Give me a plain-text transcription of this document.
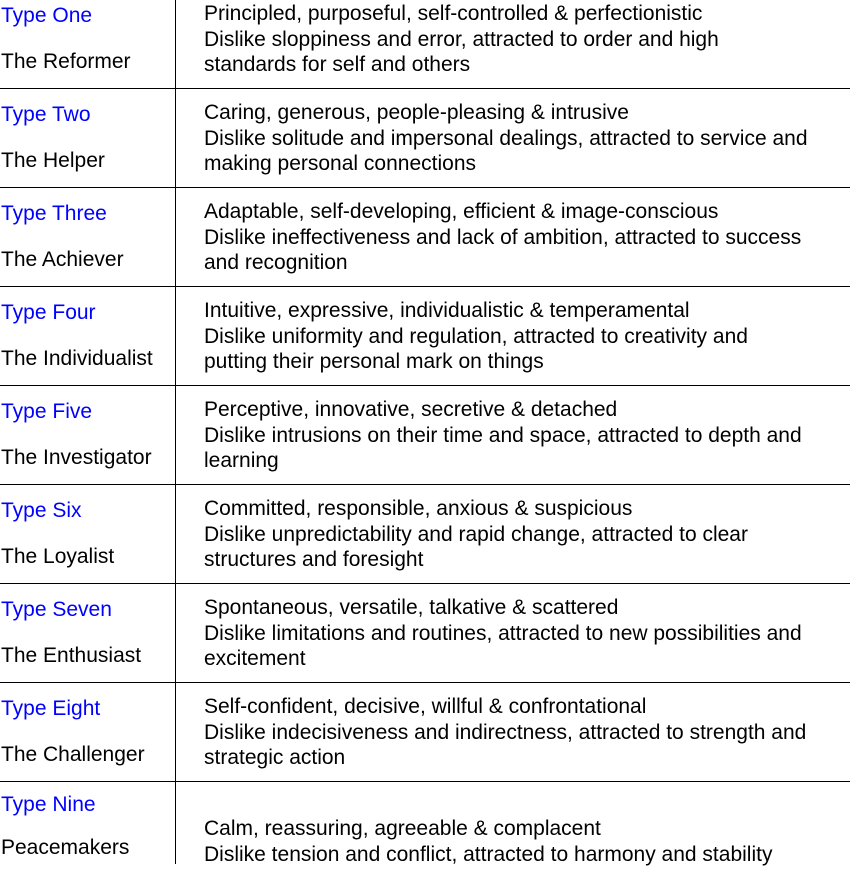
Type One
The Reformer
Principled, purposeful, self-controlled & perfectionistic
Dislike sloppiness and error, attracted to order and high
standards for self and others
Type Two
The Helper
Caring, generous, people-pleasing & intrusive
Dislike solitude and impersonal dealings, attracted to service and
making personal connections
Type Three
The Achiever
Adaptable, self-developing, efficient & image-conscious
Dislike ineffectiveness and lack of ambition, attracted to success
and recognition
Type Four
The Individualist
Intuitive, expressive, individualistic & temperamental
Dislike uniformity and regulation, attracted to creativity and
putting their personal mark on things
Type Five
The Investigator
Perceptive, innovative, secretive & detached
Dislike intrusions on their time and space, attracted to depth and
learning
Type Six
The Loyalist
Committed, responsible, anxious & suspicious
Dislike unpredictability and rapid change, attracted to clear
structures and foresight
Type Seven
The Enthusiast
Spontaneous, versatile, talkative & scattered
Dislike limitations and routines, attracted to new possibilities and
excitement
Type Eight
The Challenger
Self-confident, decisive, willful & confrontational
Dislike indecisiveness and indirectness, attracted to strength and
strategic action
Type Nine
Peacemakers
Calm, reassuring, agreeable & complacent
Dislike tension and conflict, attracted to harmony and stability
